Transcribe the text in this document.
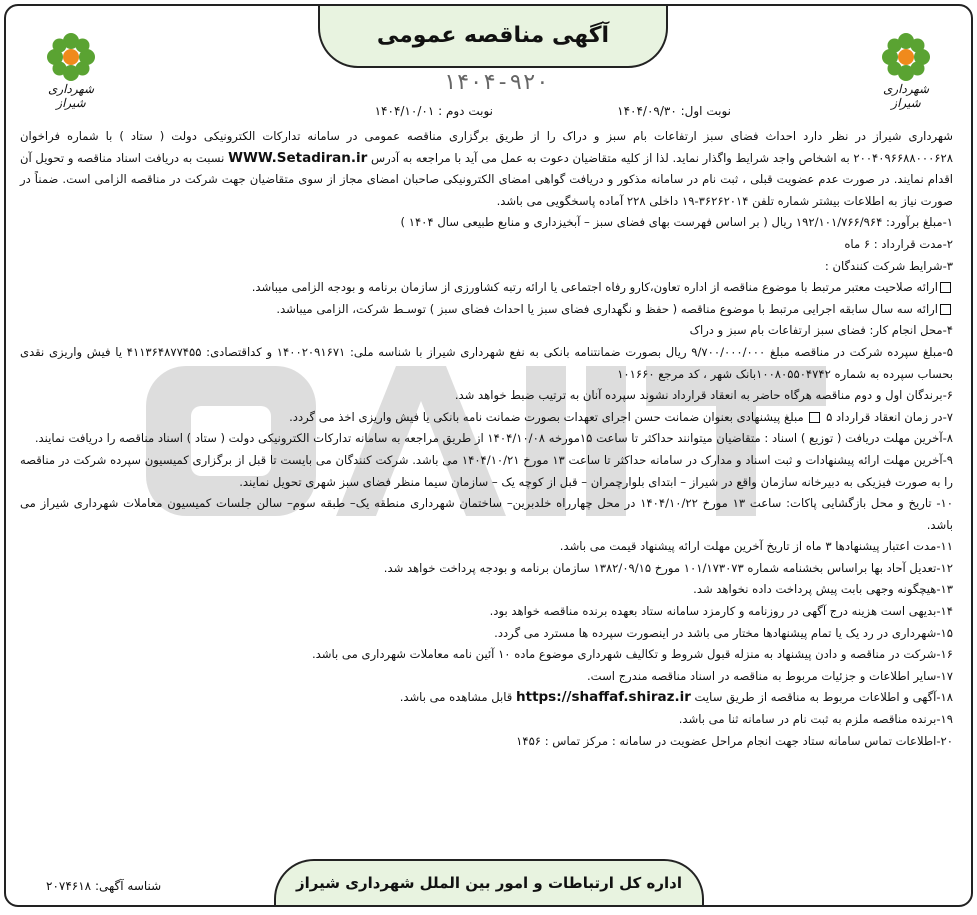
آگهی مناقصه عمومی
شهرداری شیراز
شهرداری شیراز
۱۴۰۴-۹۲۰
نوبت اول: ۱۴۰۴/۰۹/۳۰
نوبت دوم : ۱۴۰۴/۱۰/۰۱

شهرداری شیراز در نظر دارد احداث فضای سبز ارتفاعات بام سبز و دراک را از طریق برگزاری مناقصه عمومی در سامانه تدارکات الکترونیکی دولت ( ستاد ) با شماره فراخوان ۲۰۰۴۰۹۶۶۸۸۰۰۰۶۲۸ به اشخاص واجد شرایط واگذار نماید. لذا از کلیه متقاضیان دعوت به عمل می آید با مراجعه به آدرس WWW.Setadiran.ir نسبت به دریافت اسناد مناقصه و تحویل آن اقدام نمایند. در صورت عدم عضویت قبلی ، ثبت نام در سامانه مذکور و دریافت گواهی امضای الکترونیکی صاحبان امضای مجاز از سوی متقاضیان جهت شرکت در مناقصه الزامی است. ضمناً در صورت نیاز به اطلاعات بیشتر شماره تلفن ۳۶۲۶۲۰۱۴-۱۹ داخلی ۲۲۸ آماده پاسخگویی می باشد.

۱-مبلغ برآورد: ۱۹۲/۱۰۱/۷۶۶/۹۶۴ ریال ( بر اساس فهرست بهای فضای سبز – آبخیزداری و منابع طبیعی سال ۱۴۰۴ )

۲-مدت قرارداد : ۶ ماه

۳-شرایط شرکت کنندگان :

ارائه صلاحیت معتبر مرتبط با موضوع مناقصه از اداره تعاون،کارو رفاه اجتماعی یا ارائه رتبه کشاورزی از سازمان برنامه و بودجه الزامی میباشد.

ارائه سه سال سابقه اجرایی مرتبط با موضوع مناقصه ( حفظ و نگهداری فضای سبز یا احداث فضای سبز ) توسـط شرکت، الزامی میباشد.

۴-محل انجام کار: فضای سبز ارتفاعات بام سبز و دراک

۵-مبلغ سپرده شرکت در مناقصه مبلغ ۹/۷۰۰/۰۰۰/۰۰۰ ریال بصورت ضمانتنامه بانکی به نفع شهرداری شیراز با شناسه ملی: ۱۴۰۰۲۰۹۱۶۷۱ و کداقتصادی: ۴۱۱۳۶۴۸۷۷۴۵۵ یا فیش واریزی نقدی بحساب سپرده به شماره ۱۰۰۸۰۵۵۰۴۷۴۲بانک شهر ، کد مرجع ۱۰۱۶۶۰

۶-برندگان اول و دوم مناقصه هرگاه حاضر به انعقاد قرارداد نشوند سپرده آنان به ترتیب ضبط خواهد شد.

۷-در زمان انعقاد قرارداد ۵  مبلغ پیشنهادی بعنوان ضمانت حسن اجرای تعهدات بصورت ضمانت نامه بانکی یا فیش واریزی اخذ می گردد.

۸-آخرین مهلت دریافت ( توزیع ) اسناد : متقاضیان میتوانند حداکثر تا ساعت ۱۵مورخه ۱۴۰۴/۱۰/۰۸ از طریق مراجعه به سامانه تدارکات الکترونیکی دولت ( ستاد ) اسناد مناقصه را دریافت نمایند.

۹-آخرین مهلت ارائه پیشنهادات و ثبت اسناد و مدارک در سامانه حداکثر تا ساعت ۱۳ مورخ ۱۴۰۴/۱۰/۲۱ می باشد. شرکت کنندگان می بایست تا قبل از برگزاری کمیسیون سپرده شرکت در مناقصه را به صورت فیزیکی به دبیرخانه سازمان واقع در شیراز – ابتدای بلوارچمران – قبل از کوچه یک – سازمان سیما منظر فضای سبز شهری تحویل نمایند.

۱۰- تاریخ و محل بازگشایی پاکات: ساعت ۱۳ مورخ ۱۴۰۴/۱۰/۲۲ در محل چهارراه خلدبرین– ساختمان شهرداری منطقه یک– طبقه سوم– سالن جلسات کمیسیون معاملات شهرداری شیراز می باشد.

۱۱-مدت اعتبار پیشنهادها ۳ ماه از تاریخ آخرین مهلت ارائه پیشنهاد قیمت می باشد.

۱۲-تعدیل آحاد بها براساس بخشنامه شماره ۱۰۱/۱۷۳۰۷۳ مورخ ۱۳۸۲/۰۹/۱۵ سازمان برنامه و بودجه پرداخت خواهد شد.

۱۳-هیچگونه وجهی بابت پیش پرداخت داده نخواهد شد.

۱۴-بدیهی است هزینه درج آگهی در روزنامه و کارمزد سامانه ستاد بعهده برنده مناقصه خواهد بود.

۱۵-شهرداری در رد یک یا تمام پیشنهادها مختار می باشد در اینصورت سپرده ها مسترد می گردد.

۱۶-شرکت در مناقصه و دادن پیشنهاد به منزله قبول شروط و تکالیف شهرداری موضوع ماده ۱۰ آئین نامه معاملات شهرداری می باشد.

۱۷-سایر اطلاعات و جزئیات مربوط به مناقصه در اسناد مناقصه مندرج است.

۱۸-آگهی و اطلاعات مربوط به مناقصه از طریق سایت https://shaffaf.shiraz.ir قابل مشاهده می باشد.

۱۹-برنده مناقصه ملزم به ثبت نام در سامانه ثنا می باشد.

۲۰-اطلاعات تماس سامانه ستاد جهت انجام مراحل عضویت در سامانه : مرکز تماس : ۱۴۵۶

اداره کل ارتباطات و امور بین الملل شهرداری شیراز
شناسه آگهی: ۲۰۷۴۶۱۸
